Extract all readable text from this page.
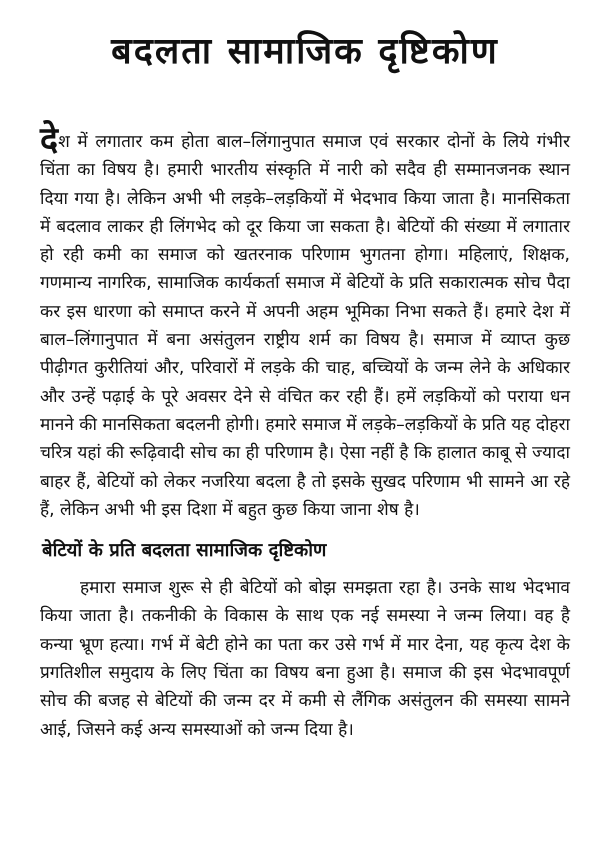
बदलता सामाजिक दृष्टिकोण

देश में लगातार कम होता बाल–लिंगानुपात समाज एवं सरकार दोनों के लिये गंभीर चिंता का विषय है। हमारी भारतीय संस्कृति में नारी को सदैव ही सम्मानजनक स्थान दिया गया है। लेकिन अभी भी लड़के–लड़कियों में भेदभाव किया जाता है। मानसिकता में बदलाव लाकर ही लिंगभेद को दूर किया जा सकता है। बेटियों की संख्या में लगातार हो रही कमी का समाज को खतरनाक परिणाम भुगतना होगा। महिलाएं, शिक्षक, गणमान्य नागरिक, सामाजिक कार्यकर्ता समाज में बेटियों के प्रति सकारात्मक सोच पैदा कर इस धारणा को समाप्त करने में अपनी अहम भूमिका निभा सकते हैं। हमारे देश में बाल–लिंगानुपात में बना असंतुलन राष्ट्रीय शर्म का विषय है। समाज में व्याप्त कुछ पीढ़ीगत कुरीतियां और, परिवारों में लड़के की चाह, बच्चियों के जन्म लेने के अधिकार और उन्हें पढ़ाई के पूरे अवसर देने से वंचित कर रही हैं। हमें लड़कियों को पराया धन मानने की मानसिकता बदलनी होगी। हमारे समाज में लड़के–लड़कियों के प्रति यह दोहरा चरित्र यहां की रूढ़िवादी सोच का ही परिणाम है। ऐसा नहीं है कि हालात काबू से ज्यादा बाहर हैं, बेटियों को लेकर नजरिया बदला है तो इसके सुखद परिणाम भी सामने आ रहे हैं, लेकिन अभी भी इस दिशा में बहुत कुछ किया जाना शेष है।

बेटियों के प्रति बदलता सामाजिक दृष्टिकोण

हमारा समाज शुरू से ही बेटियों को बोझ समझता रहा है। उनके साथ भेदभाव किया जाता है। तकनीकी के विकास के साथ एक नई समस्या ने जन्म लिया। वह है कन्या भ्रूण हत्या। गर्भ में बेटी होने का पता कर उसे गर्भ में मार देना, यह कृत्य देश के प्रगतिशील समुदाय के लिए चिंता का विषय बना हुआ है। समाज की इस भेदभावपूर्ण सोच की बजह से बेटियों की जन्म दर में कमी से लैंगिक असंतुलन की समस्या सामने आई, जिसने कई अन्य समस्याओं को जन्म दिया है।
